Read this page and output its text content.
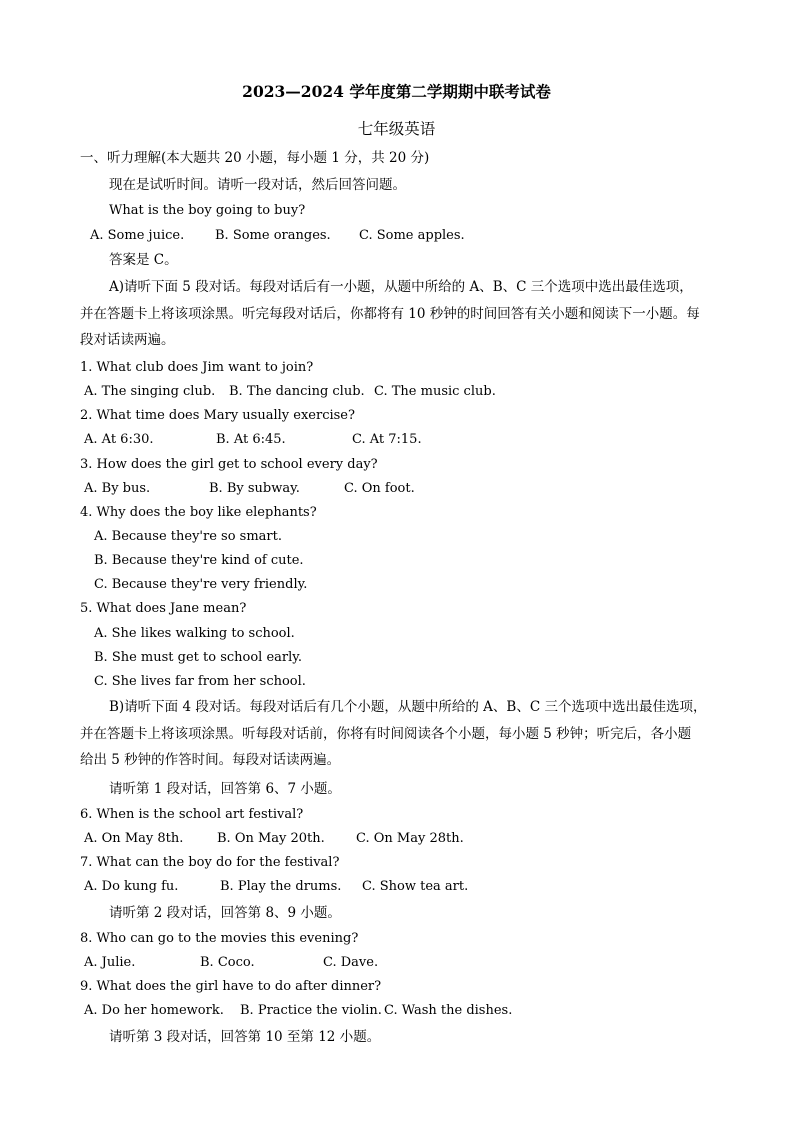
2023—2024 学年度第二学期期中联考试卷
七年级英语
一、听力理解(本大题共 20 小题，每小题 1 分，共 20 分)
现在是试听时间。请听一段对话，然后回答问题。
What is the boy going to buy?
A. Some juice. B. Some oranges. C. Some apples.
答案是 C。
A)请听下面 5 段对话。每段对话后有一小题，从题中所给的 A、B、C 三个选项中选出最佳选项，
并在答题卡上将该项涂黑。听完每段对话后，你都将有 10 秒钟的时间回答有关小题和阅读下一小题。每
段对话读两遍。
1. What club does Jim want to join?
A. The singing club. B. The dancing club. C. The music club.
2. What time does Mary usually exercise?
A. At 6:30.	B. At 6:45.	C. At 7:15.
3. How does the girl get to school every day?
A. By bus.	B. By subway.	C. On foot.
4. Why does the boy like elephants?
A. Because they're so smart.
B. Because they're kind of cute.
C. Because they're very friendly.
5. What does Jane mean?
A. She likes walking to school.
B. She must get to school early.
C. She lives far from her school.
B)请听下面 4 段对话。每段对话后有几个小题，从题中所给的 A、B、C 三个选项中选出最佳选项，
并在答题卡上将该项涂黑。听每段对话前，你将有时间阅读各个小题，每小题 5 秒钟；听完后，各小题
给出 5 秒钟的作答时间。每段对话读两遍。
请听第 1 段对话，回答第 6、7 小题。
6. When is the school art festival?
A. On May 8th.	B. On May 20th. C. On May 28th.
7. What can the boy do for the festival?
A. Do kung fu.	B. Play the drums. C. Show tea art.
请听第 2 段对话，回答第 8、9 小题。
8. Who can go to the movies this evening?
A. Julie.	B. Coco.	C. Dave.
9. What does the girl have to do after dinner?
A. Do her homework. B. Practice the violin. C. Wash the dishes.
请听第 3 段对话，回答第 10 至第 12 小题。
